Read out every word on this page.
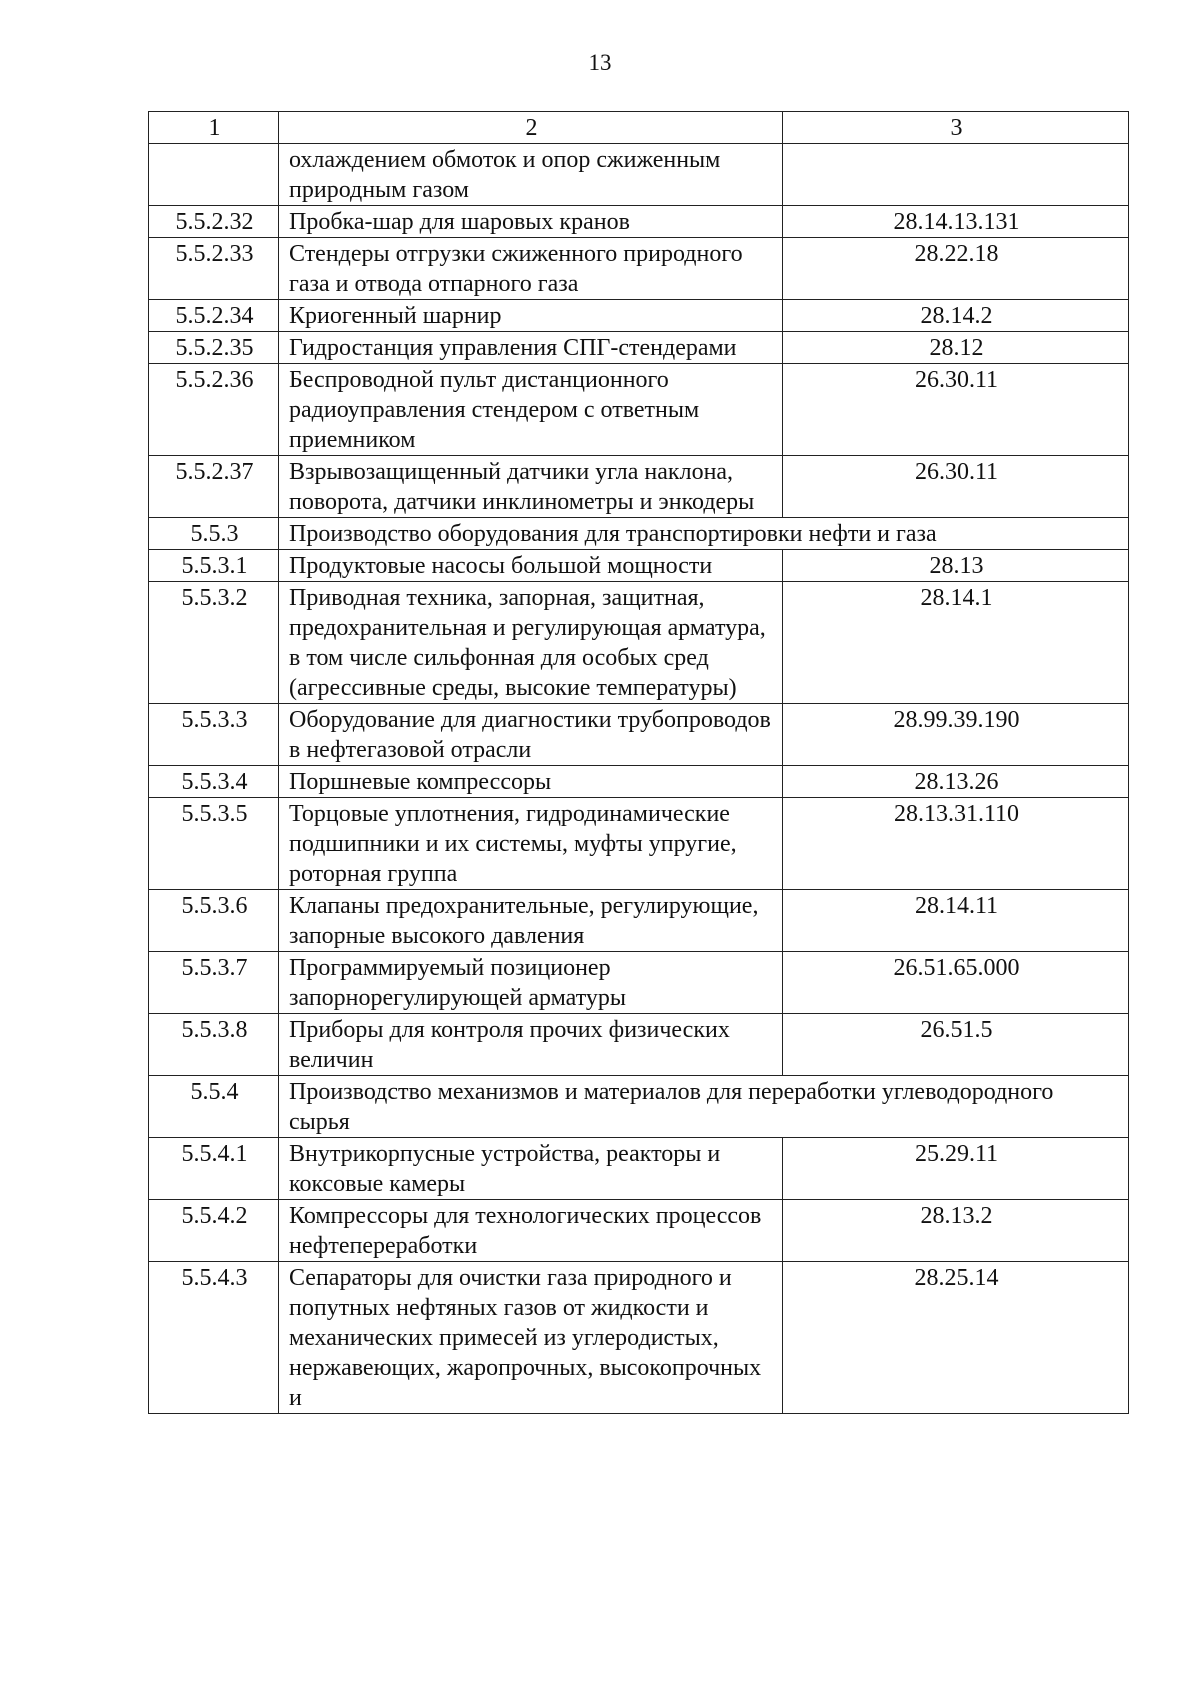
13
1	2	3
	охлаждением обмоток и опор сжиженным природным газом	
5.5.2.32	Пробка-шар для шаровых кранов	28.14.13.131
5.5.2.33	Стендеры отгрузки сжиженного природного газа и отвода отпарного газа	28.22.18
5.5.2.34	Криогенный шарнир	28.14.2
5.5.2.35	Гидростанция управления СПГ-стендерами	28.12
5.5.2.36	Беспроводной пульт дистанционного радиоуправления стендером с ответным приемником	26.30.11
5.5.2.37	Взрывозащищенный датчики угла наклона, поворота, датчики инклинометры и энкодеры	26.30.11
5.5.3	Производство оборудования для транспортировки нефти и газа	
5.5.3.1	Продуктовые насосы большой мощности	28.13
5.5.3.2	Приводная техника, запорная, защитная, предохранительная и регулирующая арматура, в том числе сильфонная для особых сред (агрессивные среды, высокие температуры)	28.14.1
5.5.3.3	Оборудование для диагностики трубопроводов в нефтегазовой отрасли	28.99.39.190
5.5.3.4	Поршневые компрессоры	28.13.26
5.5.3.5	Торцовые уплотнения, гидродинамические подшипники и их системы, муфты упругие, роторная группа	28.13.31.110
5.5.3.6	Клапаны предохранительные, регулирующие, запорные высокого давления	28.14.11
5.5.3.7	Программируемый позиционер запорнорегулирующей арматуры	26.51.65.000
5.5.3.8	Приборы для контроля прочих физических величин	26.51.5
5.5.4	Производство механизмов и материалов для переработки углеводородного сырья	
5.5.4.1	Внутрикорпусные устройства, реакторы и коксовые камеры	25.29.11
5.5.4.2	Компрессоры для технологических процессов нефтепереработки	28.13.2
5.5.4.3	Сепараторы для очистки газа природного и попутных нефтяных газов от жидкости и механических примесей из углеродистых, нержавеющих, жаропрочных, высокопрочных и	28.25.14
